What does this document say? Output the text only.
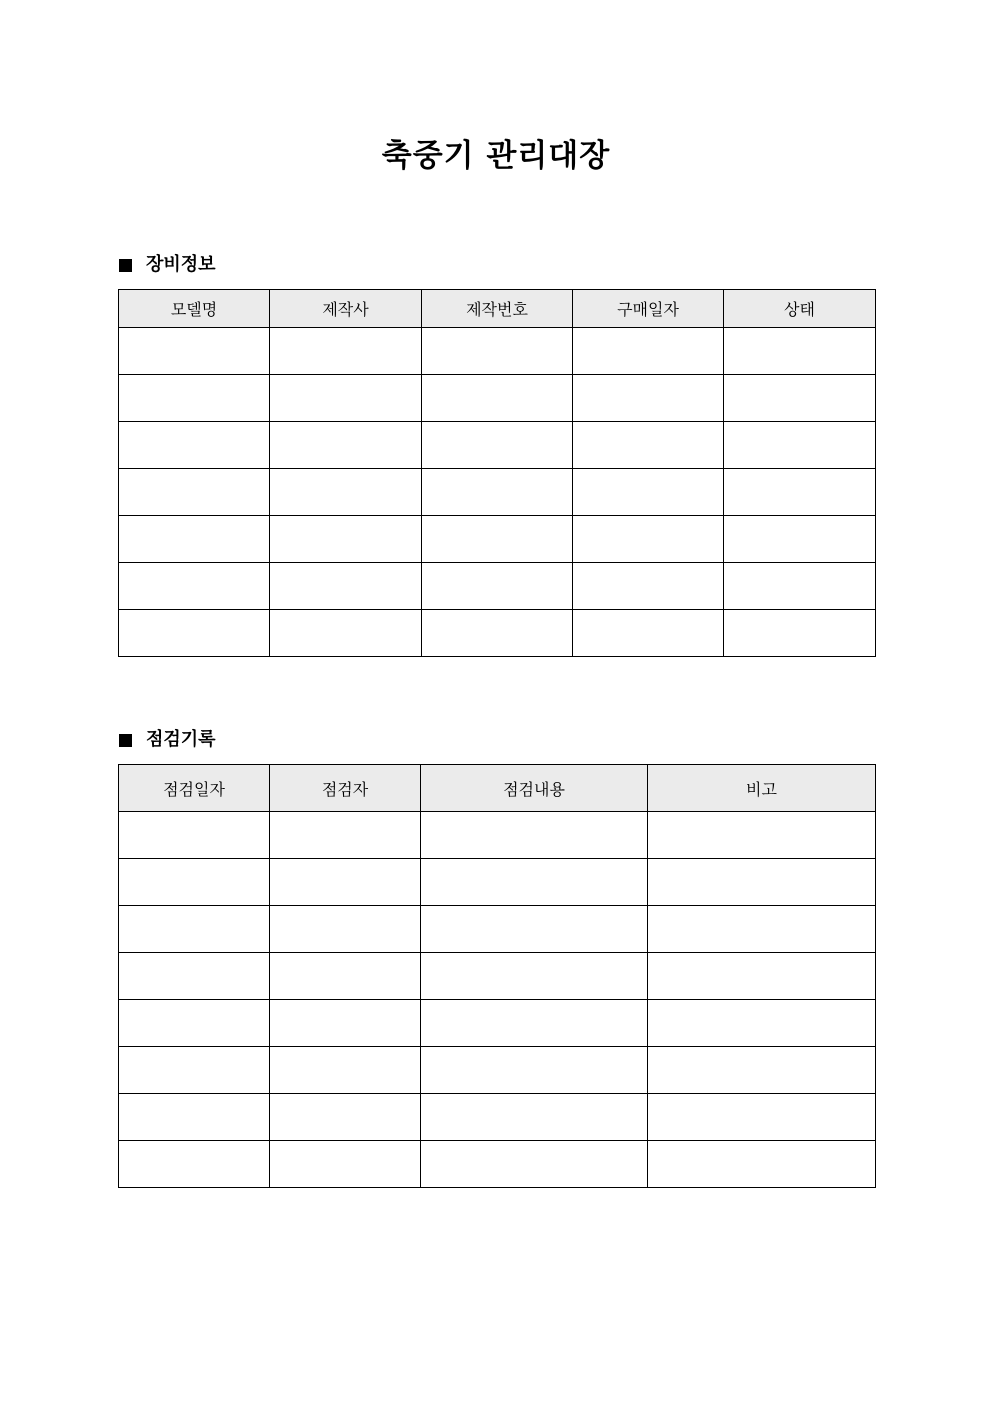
축중기 관리대장
장비정보
모델명	제작사	제작번호	구매일자	상태

점검기록
점검일자	점검자	점검내용	비고
